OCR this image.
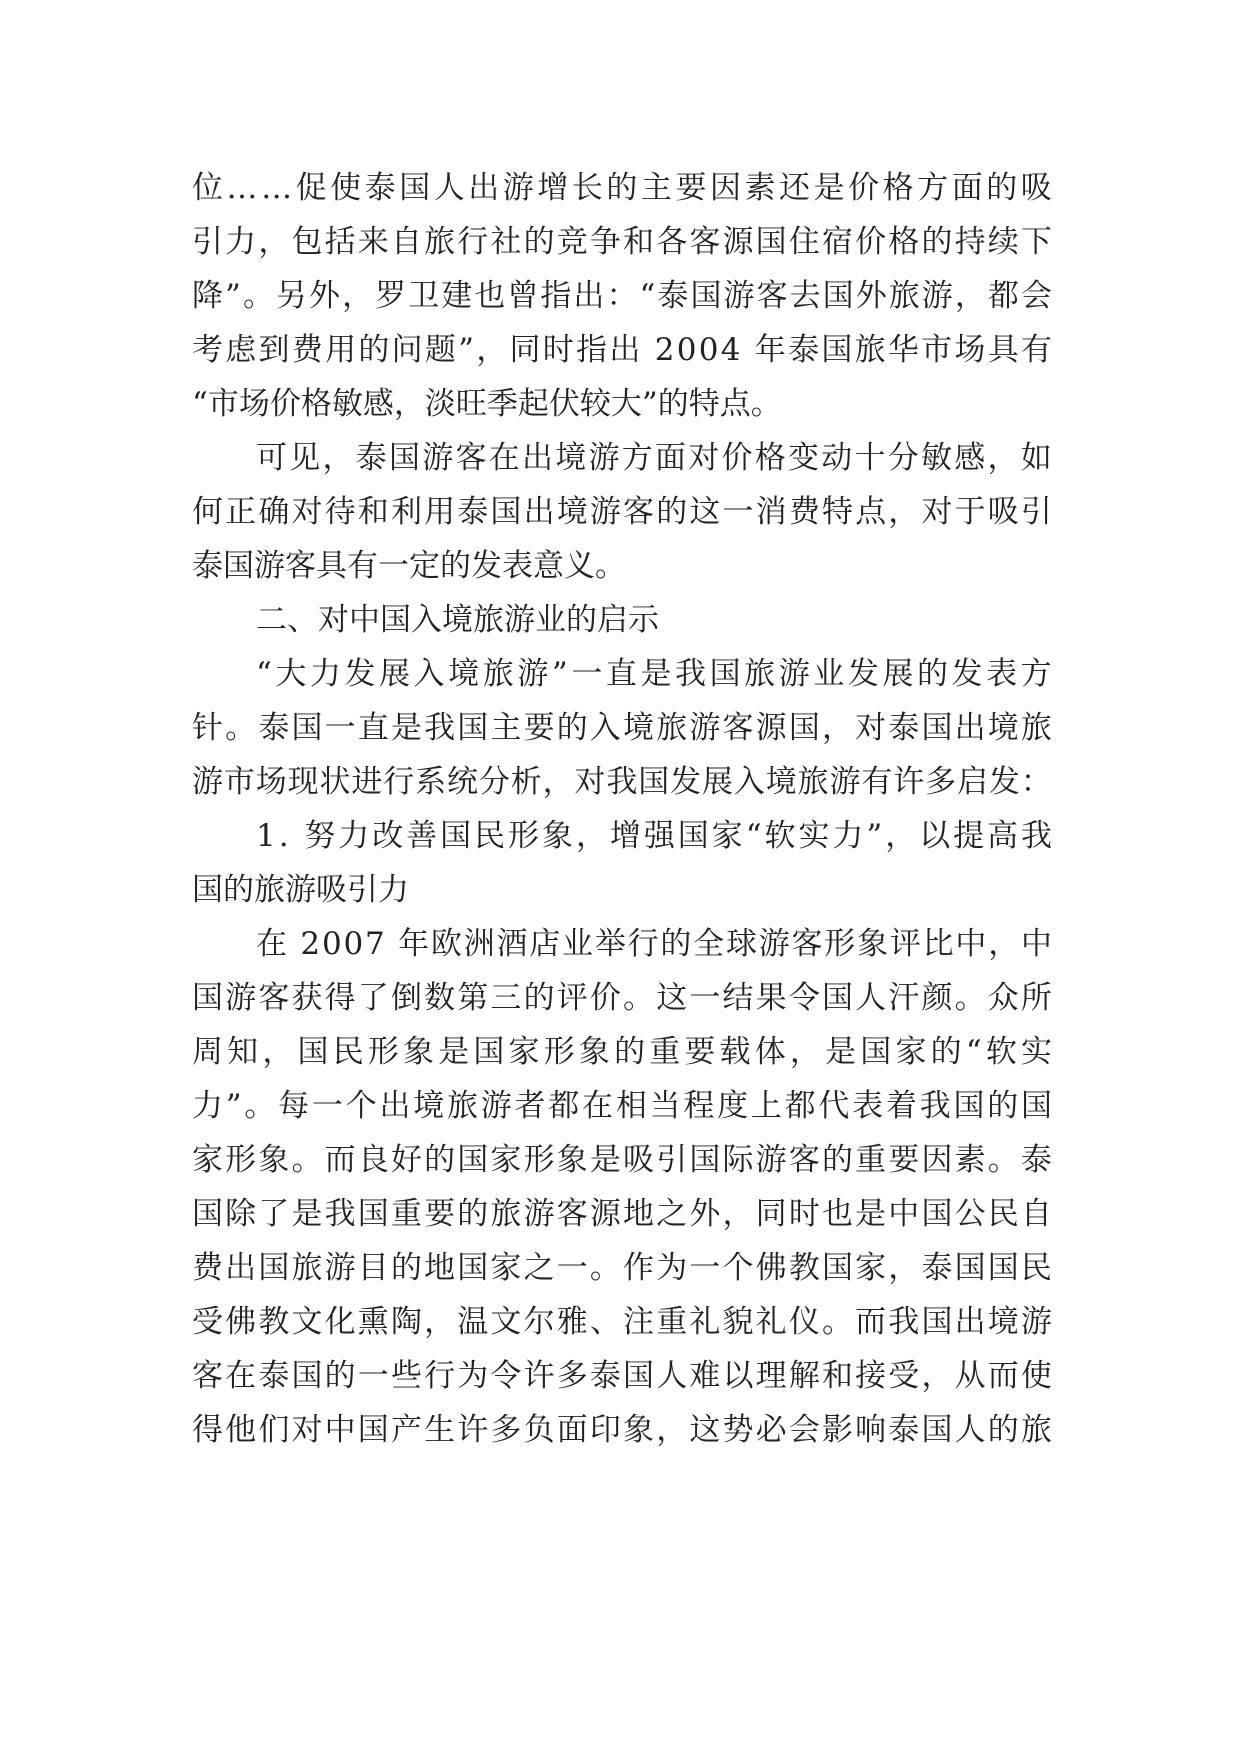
位 … … 促 使 泰 国 人 出 游 增 长 的 主 要 因 素 还 是 价 格 方 面 的 吸
引 力 ， 包 括 来 自 旅 行 社 的 竞 争 和 各 客 源 国 住 宿 价 格 的 持 续 下
降 ” 。 另 外 ， 罗 卫 建 也 曾 指 出 ： “ 泰 国 游 客 去 国 外 旅 游 ， 都 会
考 虑 到 费 用 的 问 题 ” ， 同 时 指 出
2 0 0 4
年 泰 国 旅 华 市 场 具 有
“市场价格敏感，淡旺季起伏较大”的特点。
可 见 ， 泰 国 游 客 在 出 境 游 方 面 对 价 格 变 动 十 分 敏 感 ， 如
何 正 确 对 待 和 利 用 泰 国 出 境 游 客 的 这 一 消 费 特 点 ， 对 于 吸 引
泰国游客具有一定的发表意义。
二、对中国入境旅游业的启示
“ 大 力 发 展 入 境 旅 游 ” 一 直 是 我 国 旅 游 业 发 展 的 发 表 方
针 。 泰 国 一 直 是 我 国 主 要 的 入 境 旅 游 客 源 国 ， 对 泰 国 出 境 旅
游 市 场 现 状 进 行 系 统 分 析 ， 对 我 国 发 展 入 境 旅 游 有 许 多 启 发 ：
1 .
努 力 改 善 国 民 形 象 ， 增 强 国 家 “ 软 实 力 ” ， 以 提 高 我
国的旅游吸引力
在
2 0 0 7
年 欧 洲 酒 店 业 举 行 的 全 球 游 客 形 象 评 比 中 ， 中
国 游 客 获 得 了 倒 数 第 三 的 评 价 。 这 一 结 果 令 国 人 汗 颜 。 众 所
周 知 ， 国 民 形 象 是 国 家 形 象 的 重 要 载 体 ， 是 国 家 的 “ 软 实
力 ” 。 每 一 个 出 境 旅 游 者 都 在 相 当 程 度 上 都 代 表 着 我 国 的 国
家 形 象 。 而 良 好 的 国 家 形 象 是 吸 引 国 际 游 客 的 重 要 因 素 。 泰
国 除 了 是 我 国 重 要 的 旅 游 客 源 地 之 外 ， 同 时 也 是 中 国 公 民 自
费 出 国 旅 游 目 的 地 国 家 之 一 。 作 为 一 个 佛 教 国 家 ， 泰 国 国 民
受 佛 教 文 化 熏 陶 ， 温 文 尔 雅 、 注 重 礼 貌 礼 仪 。 而 我 国 出 境 游
客 在 泰 国 的 一 些 行 为 令 许 多 泰 国 人 难 以 理 解 和 接 受 ， 从 而 使
得 他 们 对 中 国 产 生 许 多 负 面 印 象 ， 这 势 必 会 影 响 泰 国 人 的 旅
